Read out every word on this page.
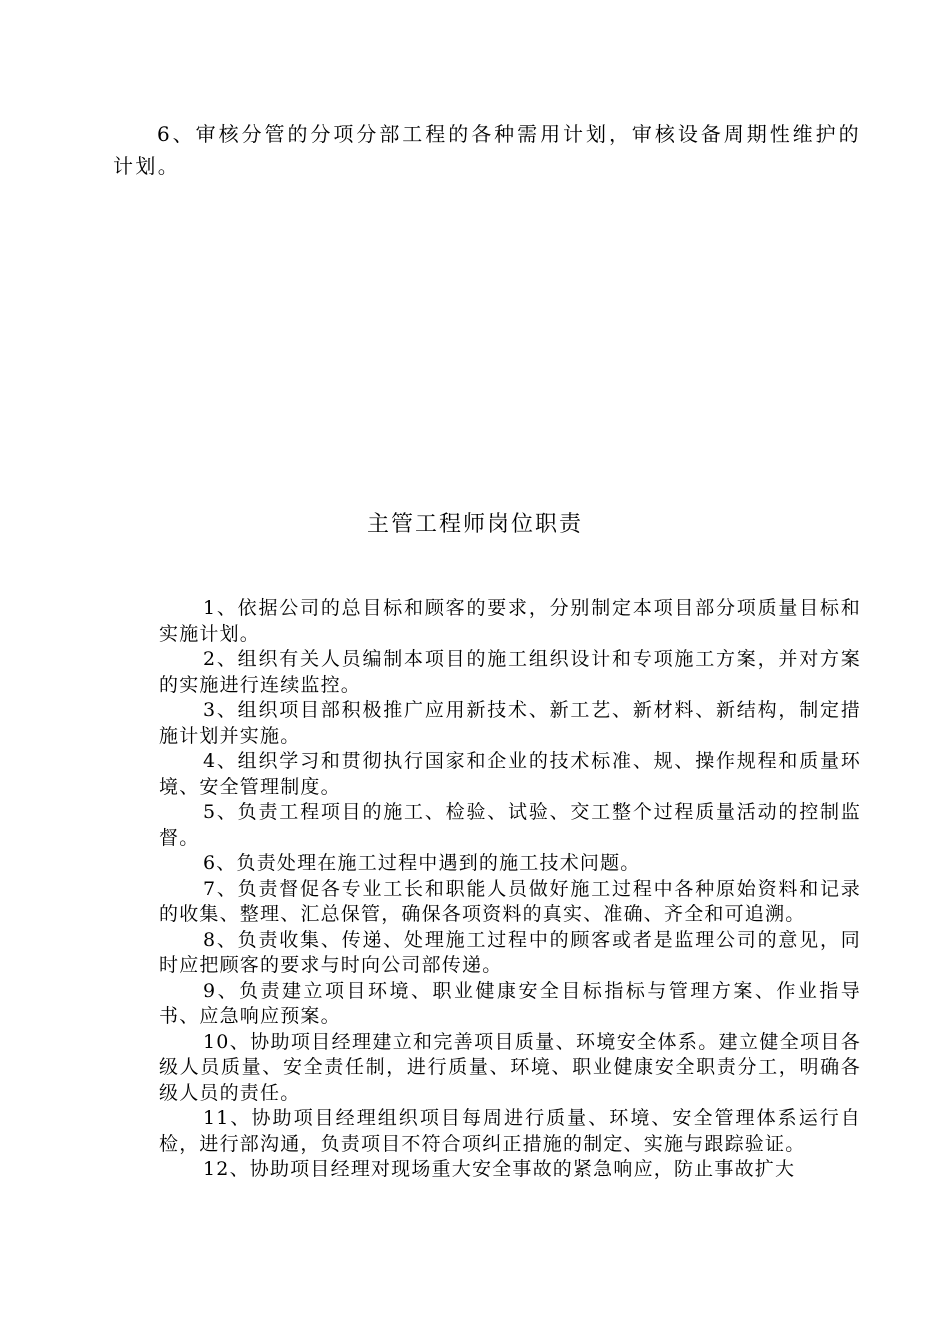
6、审核分管的分项分部工程的各种需用计划，审核设备周期性维护的计划。

主管工程师岗位职责
1、依据公司的总目标和顾客的要求，分别制定本项目部分项质量目标和实施计划。
2、组织有关人员编制本项目的施工组织设计和专项施工方案，并对方案的实施进行连续监控。
3、组织项目部积极推广应用新技术、新工艺、新材料、新结构，制定措施计划并实施。
4、组织学习和贯彻执行国家和企业的技术标准、规、操作规程和质量环境、安全管理制度。
5、负责工程项目的施工、检验、试验、交工整个过程质量活动的控制监督。
6、负责处理在施工过程中遇到的施工技术问题。
7、负责督促各专业工长和职能人员做好施工过程中各种原始资料和记录的收集、整理、汇总保管，确保各项资料的真实、准确、齐全和可追溯。
8、负责收集、传递、处理施工过程中的顾客或者是监理公司的意见，同时应把顾客的要求与时向公司部传递。
9、负责建立项目环境、职业健康安全目标指标与管理方案、作业指导书、应急响应预案。
10、协助项目经理建立和完善项目质量、环境安全体系。建立健全项目各级人员质量、安全责任制，进行质量、环境、职业健康安全职责分工，明确各级人员的责任。
11、协助项目经理组织项目每周进行质量、环境、安全管理体系运行自检，进行部沟通，负责项目不符合项纠正措施的制定、实施与跟踪验证。
12、协助项目经理对现场重大安全事故的紧急响应，防止事故扩大
